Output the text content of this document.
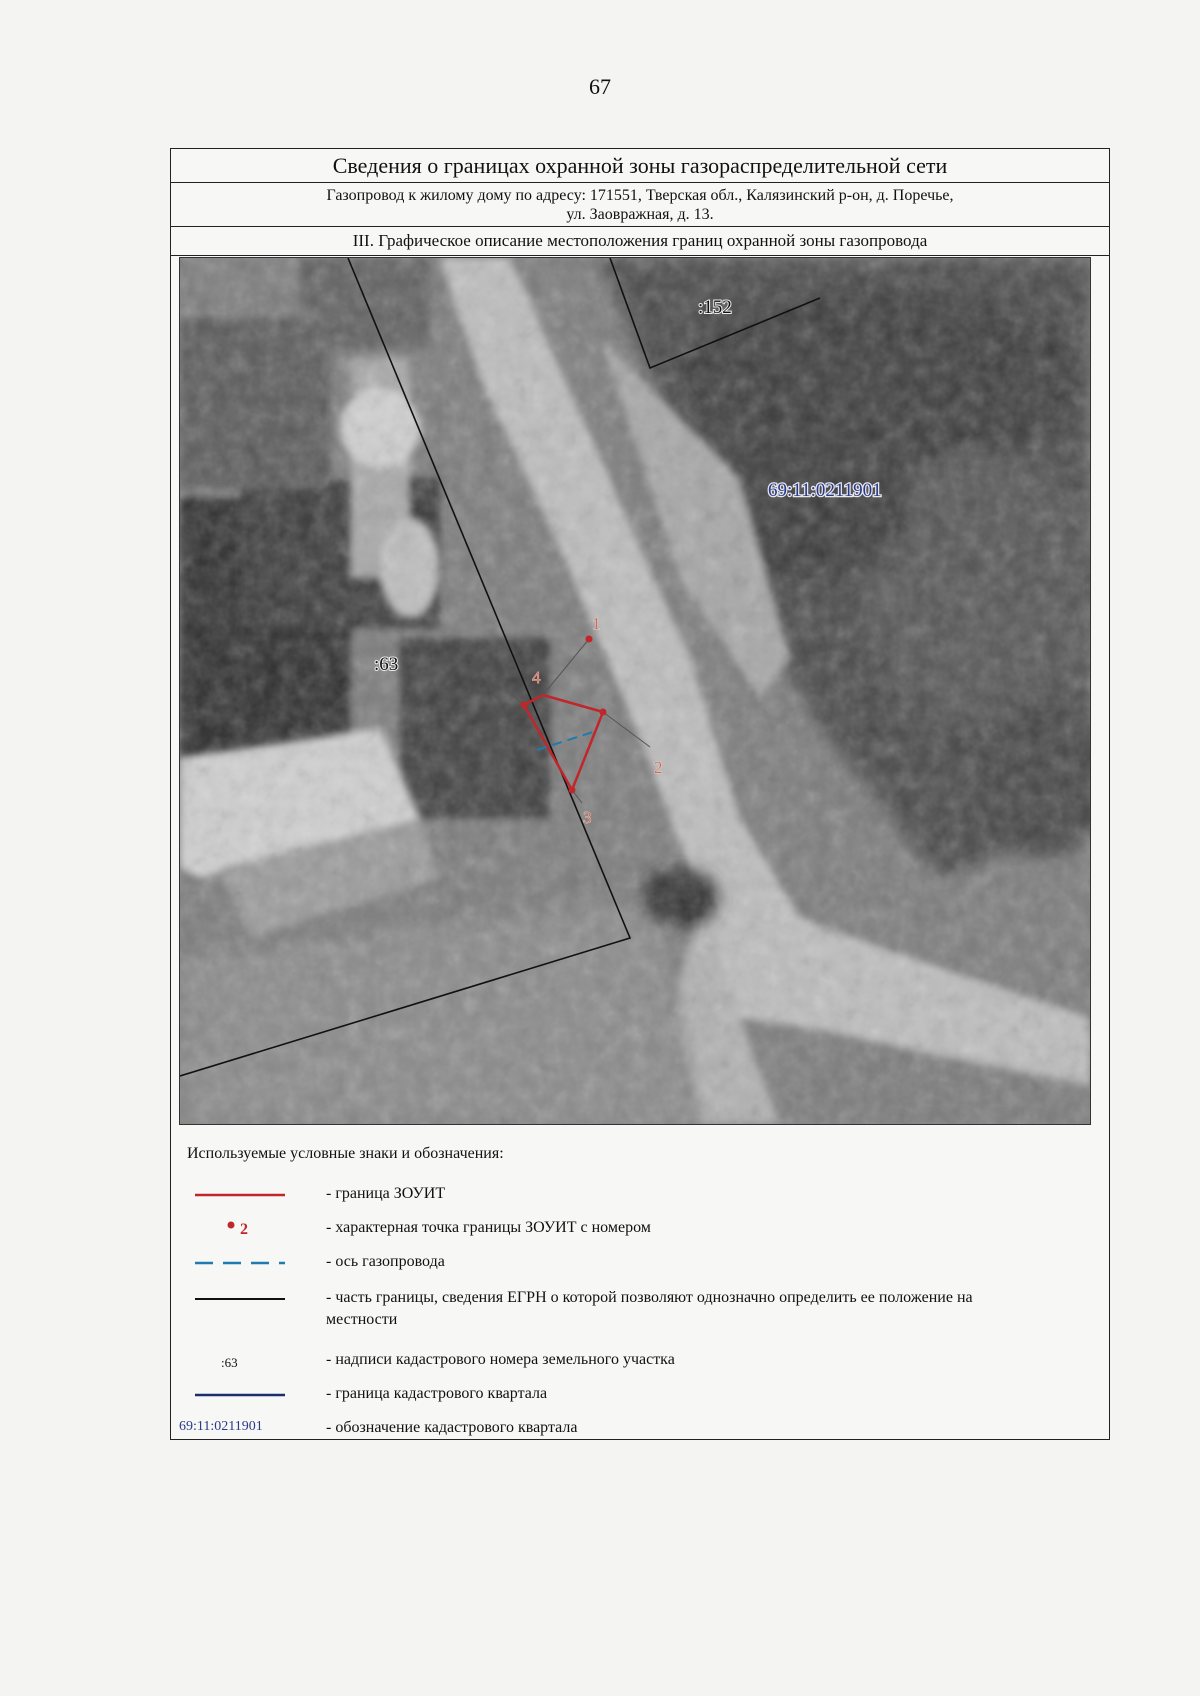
67
Сведения о границах охранной зоны газораспределительной сети
Газопровод к жилому дому по адресу: 171551, Тверская обл., Калязинский р-он, д. Поречье,
ул. Заовражная, д. 13.
III. Графическое описание местоположения границ охранной зоны газопровода
1
2
3
4
:152
:63
69:11:0211901
Используемые условные знаки и обозначения:
- граница ЗОУИТ
2	- характерная точка границы ЗОУИТ с номером
- ось газопровода
- часть границы, сведения ЕГРН о которой позволяют однозначно определить ее положение на местности
:63	- надписи кадастрового номера земельного участка
- граница кадастрового квартала
69:11:0211901	- обозначение кадастрового квартала
